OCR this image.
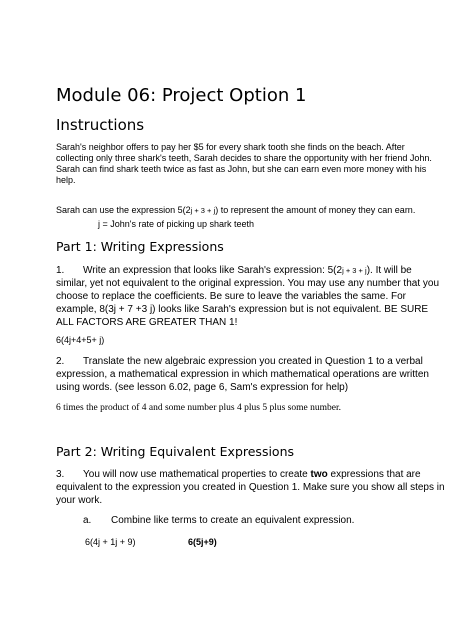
Module 06: Project Option 1
Instructions
Sarah's neighbor offers to pay her $5 for every shark tooth she finds on the beach. After
collecting only three shark's teeth, Sarah decides to share the opportunity with her friend John.
Sarah can find shark teeth twice as fast as John, but she can earn even more money with his
help.
Sarah can use the expression 5(2j + 3 + j) to represent the amount of money they can earn.
j = John's rate of picking up shark teeth
Part 1: Writing Expressions
1. Write an expression that looks like Sarah's expression: 5(2j + 3 + j). It will be
similar, yet not equivalent to the original expression. You may use any number that you
choose to replace the coefficients. Be sure to leave the variables the same. For
example, 8(3j + 7 +3 j) looks like Sarah's expression but is not equivalent. BE SURE
ALL FACTORS ARE GREATER THAN 1!
6(4j+4+5+ j)
2. Translate the new algebraic expression you created in Question 1 to a verbal
expression, a mathematical expression in which mathematical operations are written
using words. (see lesson 6.02, page 6, Sam's expression for help)
6 times the product of 4 and some number plus 4 plus 5 plus some number.
Part 2: Writing Equivalent Expressions
3. You will now use mathematical properties to create two expressions that are
equivalent to the expression you created in Question 1. Make sure you show all steps in
your work.
a. Combine like terms to create an equivalent expression.
6(4j + 1j + 9)	6(5j+9)
